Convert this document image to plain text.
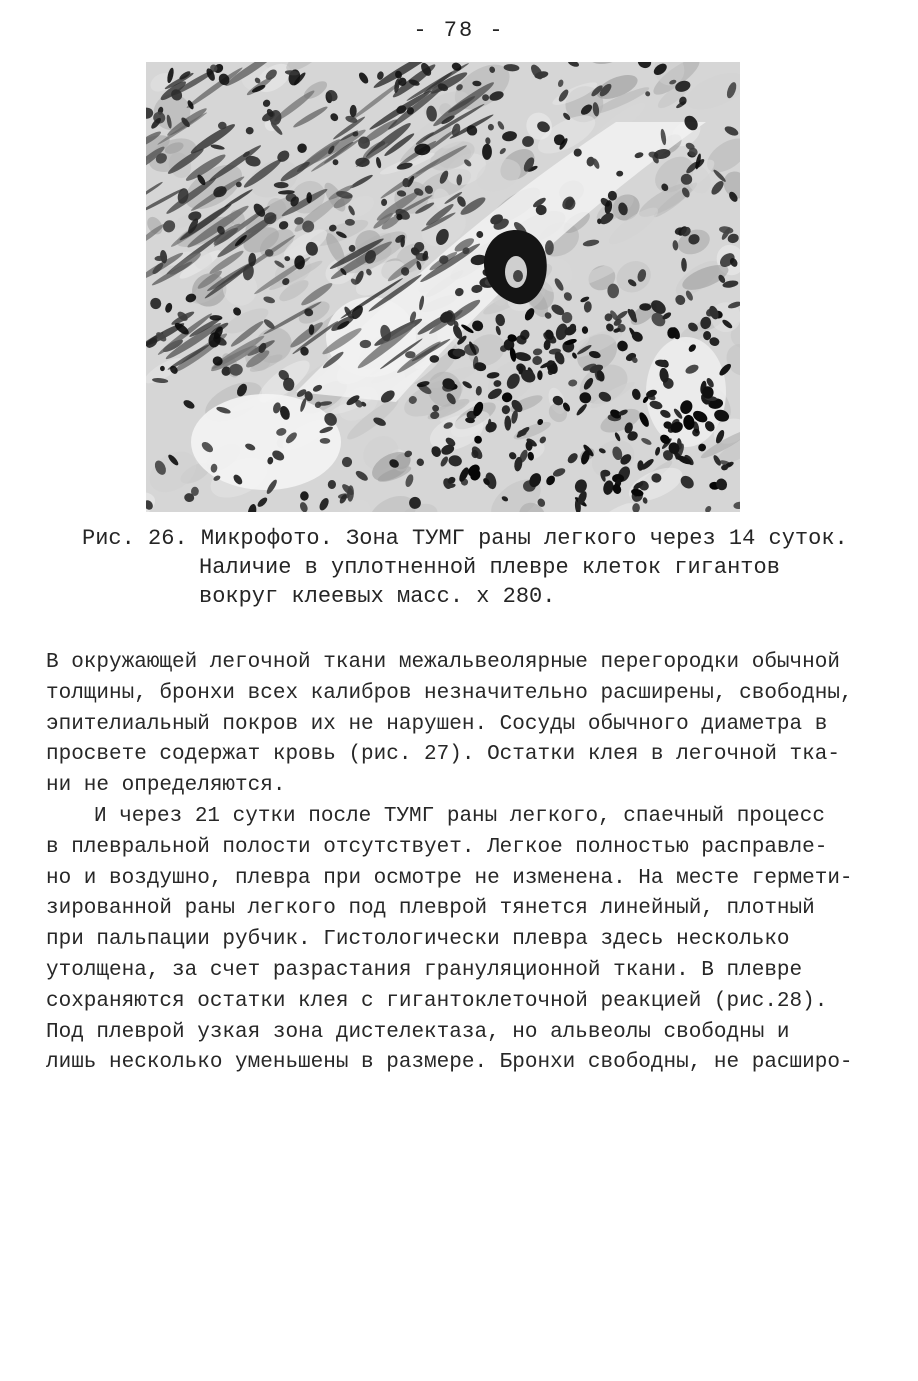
- 78 -
Рис. 26. Микрофото. Зона ТУМГ раны легкого через 14 суток.
Наличие в уплотненной плевре клеток гигантов
вокруг клеевых масс. х 280.
В окружающей легочной ткани межальвеолярные перегородки обычной
толщины, бронхи всех калибров незначительно расширены, свободны,
эпителиальный покров их не нарушен. Сосуды обычного диаметра в
просвете содержат кровь (рис. 27). Остатки клея в легочной тка-
ни не определяются.
И через 21 сутки после ТУМГ раны легкого, спаечный процесс
в плевральной полости отсутствует. Легкое полностью расправле-
но и воздушно, плевра при осмотре не изменена. На месте гермети-
зированной раны легкого под плеврой тянется линейный, плотный
при пальпации рубчик. Гистологически плевра здесь несколько
утолщена, за счет разрастания грануляционной ткани. В плевре
сохраняются остатки клея с гигантоклеточной реакцией (рис.28).
Под плеврой узкая зона дистелектаза, но альвеолы свободны и
лишь несколько уменьшены в размере. Бронхи свободны, не расширо-
